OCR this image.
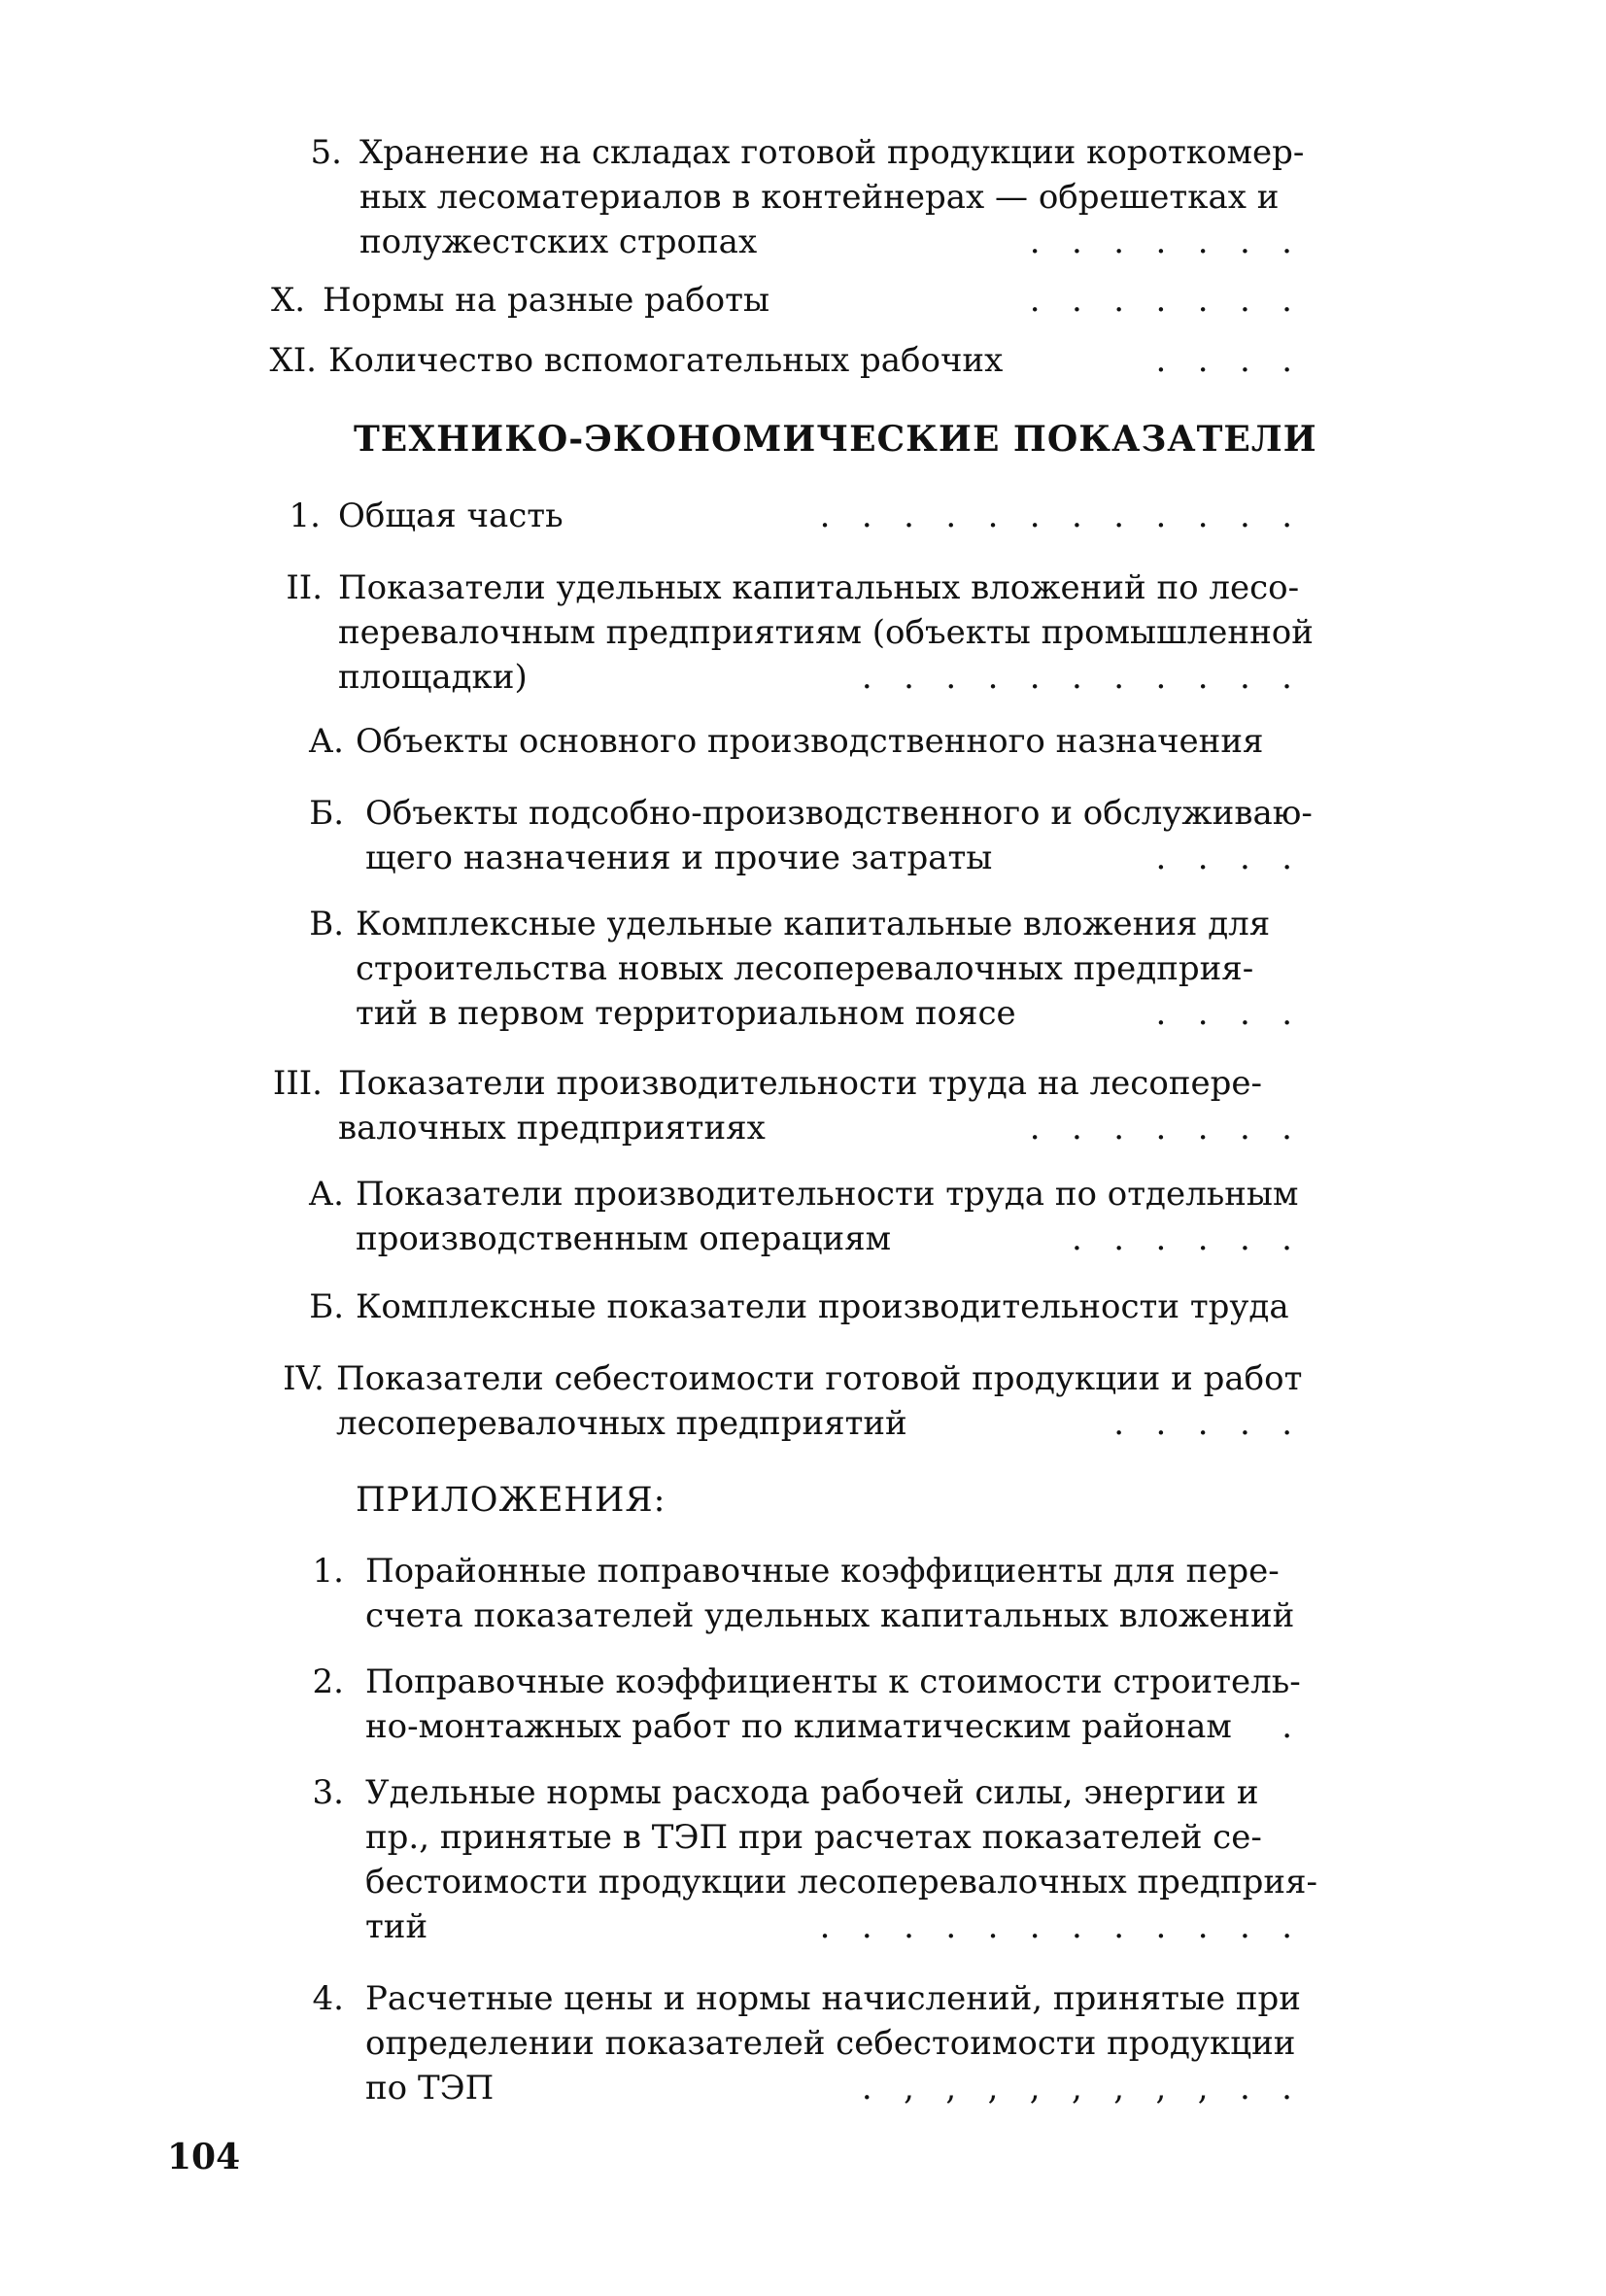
5. Хранение на складах готовой продукции короткомер-
ных лесоматериалов в контейнерах — обрешетках и
полужестских стропах	.   .   .   .   .   .   .
X. Нормы на разные работы	.   .   .   .   .   .   .
XI. Количество вспомогательных рабочих	.   .   .   .
ТЕХНИКО-ЭКОНОМИЧЕСКИЕ ПОКАЗАТЕЛИ
1. Общая часть	.   .   .   .   .   .   .   .   .   .   .   .
II. Показатели удельных капитальных вложений по лесо-
перевалочным предприятиям (объекты промышленной
площадки)	.   .   .   .   .   .   .   .   .   .   .
А. Объекты основного производственного назначения
Б. Объекты подсобно-производственного и обслуживаю-
щего назначения и прочие затраты	.   .   .   .
В. Комплексные удельные капитальные вложения для
строительства новых лесоперевалочных предприя-
тий в первом территориальном поясе	.   .   .   .
III. Показатели производительности труда на лесопере-
валочных предприятиях	.   .   .   .   .   .   .
А. Показатели производительности труда по отдельным
производственным операциям	.   .   .   .   .   .
Б. Комплексные показатели производительности труда
IV. Показатели себестоимости готовой продукции и работ
лесоперевалочных предприятий	.   .   .   .   .
ПРИЛОЖЕНИЯ:
1. Порайонные поправочные коэффициенты для пере-
счета показателей удельных капитальных вложений
2. Поправочные коэффициенты к стоимости строитель-
но-монтажных работ по климатическим районам	.
3. Удельные нормы расхода рабочей силы, энергии и
пр., принятые в ТЭП при расчетах показателей се-
бестоимости продукции лесоперевалочных предприя-
тий	.   .   .   .   .   .   .   .   .   .   .   .
4. Расчетные цены и нормы начислений, принятые при
определении показателей себестоимости продукции
по ТЭП	.   ,   ,   ,   ,   ,   ,   ,   ,   .   .
104
